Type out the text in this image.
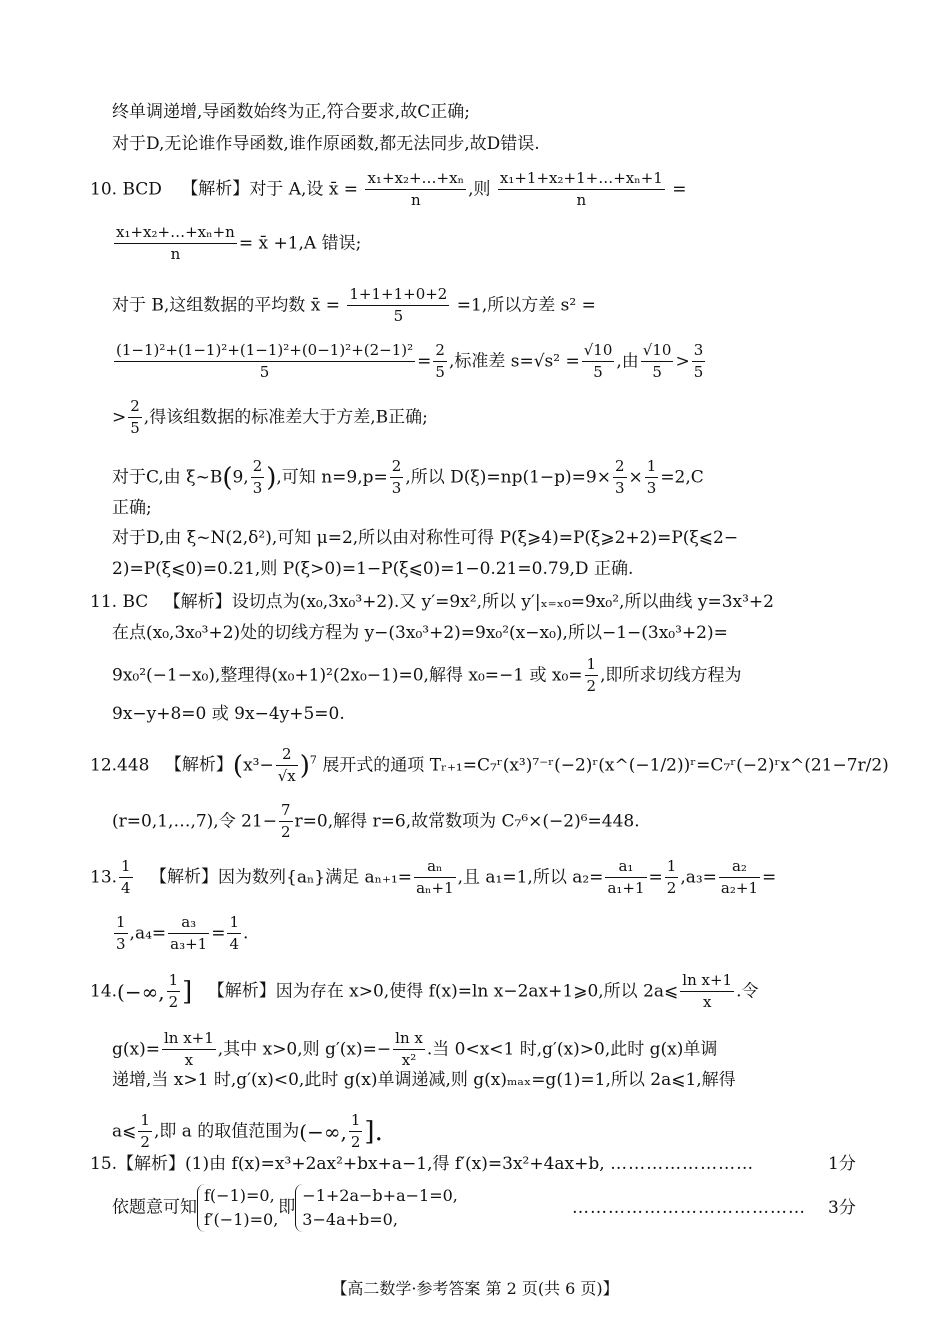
终单调递增,导函数始终为正,符合要求,故C正确;
对于D,无论谁作导函数,谁作原函数,都无法同步,故D错误.
10. BCD 【解析】对于 A,设 x̄ = $\frac{\text{x₁+x₂+…+xₙ}}{n}$ ,则 $\frac{\text{x₁+1+x₂+1+…+xₙ+1}}{n}$ =
$\frac{\text{x₁+x₂+…+xₙ+n}}{n}$ = x̄ +1,A 错误;
对于 B,这组数据的平均数 x̄ = $\frac{1+1+1+0+2}{5} =1$,所以方差 s² =
$\frac{\text{(1−1)²+(1−1)²+(1−1)²+(0−1)²+(2−1)²}}{5} = \frac{2}{5}$ ,标准差 $s=√s^2 = \frac{√10}{5}$ ,由 $\frac{√10}{5} > \frac{3}{5}$
> $\frac{2}{5}$ ,得该组数据的标准差大于方差,B正确;
对于C,由 ξ~B(9, $\frac{2}{3}$ ),可知 $n=9,p= \frac{2}{3}$ ,所以 $D(\xi)=np(1-p)=9\times \frac{2}{3} \times \frac{1}{3} =2,C$
正确;
对于D,由 ξ~N(2,δ²),可知 μ=2,所以由对称性可得 P(ξ⩾4)=P(ξ⩾2+2)=P(ξ⩽2−
2)=P(ξ⩽0)=0.21,则 P(ξ>0)=1−P(ξ⩽0)=1−0.21=0.79,D 正确.
11. BC 【解析】设切点为(x₀,3x₀³+2).又 y′=9x²,所以 y′|ₓ₌ₓ₀=9x₀²,所以曲线 y=3x³+2
在点(x₀,3x₀³+2)处的切线方程为 y−(3x₀³+2)=9x₀²(x−x₀),所以−1−(3x₀³+2)=
9x₀²(−1−x₀),整理得(x₀+1)²(2x₀−1)=0,解得 x₀=−1 或 $x_0= \frac{1}{2}$ ,即所求切线方程为
9x−y+8=0 或 9x−4y+5=0.
12.448 【解析】$(x^3- \frac{2}{√x} )^7$ 展开式的通项 Tᵣ₊₁=C₇ʳ(x³)⁷⁻ʳ(−2)ʳ(x^(−1/2))ʳ=C₇ʳ(−2)ʳx^(21−7r/2)
(r=0,1,…,7),令 $21- \frac{7}{2} r=0$,解得 r=6,故常数项为 C₇⁶×(−2)⁶=448.
13. $\frac{1}{4}$ 【解析】因为数列{aₙ}满足 $a_{n+1}= \frac{\text{aₙ}}{\text{aₙ+1}}$ ,且 a₁=1,所以 $a_2= \frac{\text{a₁}}{\text{a₁+1}} = \frac{1}{2} ,a_3= \frac{\text{a₂}}{\text{a₂+1}}$ =
$\frac{1}{3} ,a_4= \frac{\text{a₃}}{\text{a₃+1}} = \frac{1}{4}$ .
14.(−∞, $\frac{1}{2}$ ] 【解析】因为存在 x>0,使得 f(x)=ln x−2ax+1⩾0,所以 2a⩽ $\frac{\text{ln x+1}}{x}$ .令
$g(x)= \frac{\text{ln x+1}}{x}$ ,其中 x>0,则 $g'(x)=- \frac{\text{ln x}}{\text{x²}}$ .当 0<x<1 时,g′(x)>0,此时 g(x)单调
递增,当 x>1 时,g′(x)<0,此时 g(x)单调递减,则 g(x)ₘₐₓ=g(1)=1,所以 2a⩽1,解得
a⩽ $\frac{1}{2}$ ,即 a 的取值范围为(−∞, $\frac{1}{2}$ ].
15.【解析】(1)由 f(x)=x³+2ax²+bx+a−1,得 f′(x)=3x²+4ax+b, ……………………	1分
依题意可知
f(−1)=0,
f′(−1)=0,
即
−1+2a−b+a−1=0,
3−4a+b=0,
………………………………… 3分
【高二数学·参考答案 第 2 页(共 6 页)】
